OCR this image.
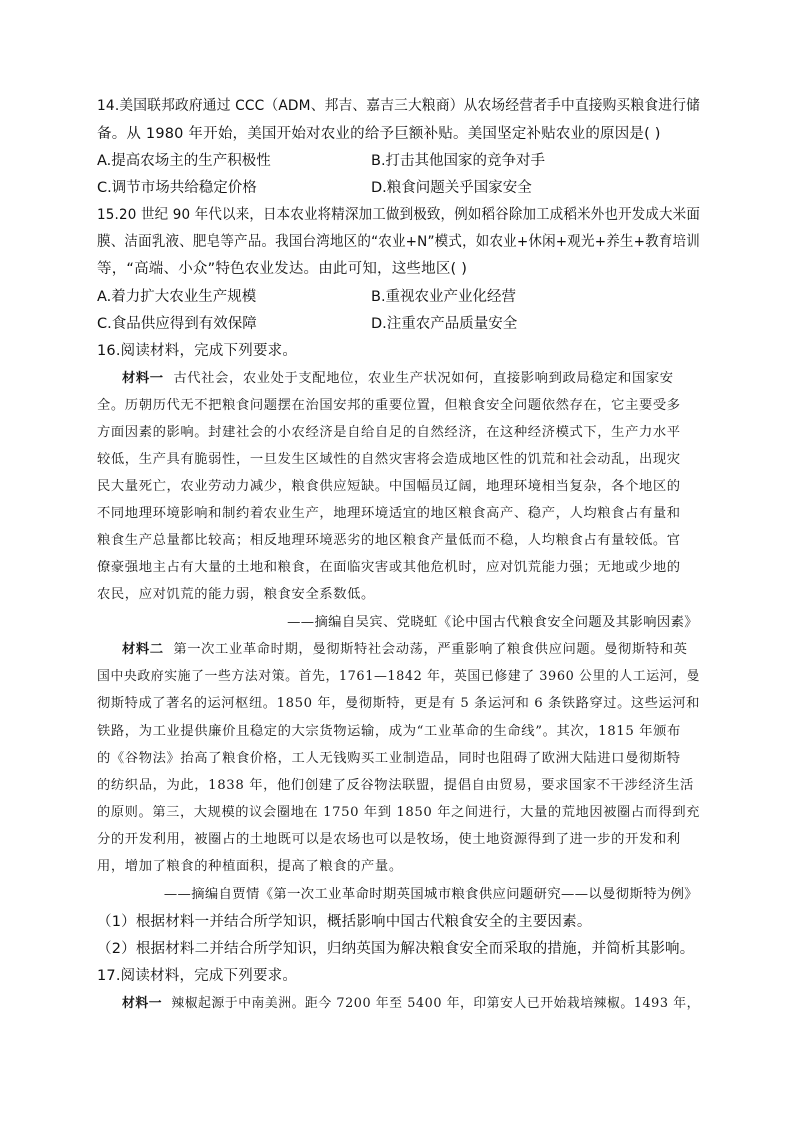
14.美国联邦政府通过 CCC（ADM、邦吉、嘉吉三大粮商）从农场经营者手中直接购买粮食进行储
备。从 1980 年开始，美国开始对农业的给予巨额补贴。美国坚定补贴农业的原因是( )
A.提高农场主的生产积极性	B.打击其他国家的竞争对手
C.调节市场共给稳定价格	D.粮食问题关乎国家安全
15.20 世纪 90 年代以来，日本农业将精深加工做到极致，例如稻谷除加工成稻米外也开发成大米面
膜、洁面乳液、肥皂等产品。我国台湾地区的“农业+N”模式，如农业+休闲+观光+养生+教育培训
等，“高端、小众”特色农业发达。由此可知，这些地区( )
A.着力扩大农业生产规模	B.重视农业产业化经营
C.食品供应得到有效保障	D.注重农产品质量安全
16.阅读材料，完成下列要求。
材料一 古代社会，农业处于支配地位，农业生产状况如何，直接影响到政局稳定和国家安
全。历朝历代无不把粮食问题摆在治国安邦的重要位置，但粮食安全问题依然存在，它主要受多
方面因素的影响。封建社会的小农经济是自给自足的自然经济，在这种经济模式下，生产力水平
较低，生产具有脆弱性，一旦发生区域性的自然灾害将会造成地区性的饥荒和社会动乱，出现灾
民大量死亡，农业劳动力减少，粮食供应短缺。中国幅员辽阔，地理环境相当复杂，各个地区的
不同地理环境影响和制约着农业生产，地理环境适宜的地区粮食高产、稳产，人均粮食占有量和
粮食生产总量都比较高；相反地理环境恶劣的地区粮食产量低而不稳，人均粮食占有量较低。官
僚豪强地主占有大量的土地和粮食，在面临灾害或其他危机时，应对饥荒能力强；无地或少地的
农民，应对饥荒的能力弱，粮食安全系数低。
——摘编自吴宾、党晓虹《论中国古代粮食安全问题及其影响因素》
材料二 第一次工业革命时期，曼彻斯特社会动荡，严重影响了粮食供应问题。曼彻斯特和英
国中央政府实施了一些方法对策。首先，1761—1842 年，英国已修建了 3960 公里的人工运河，曼
彻斯特成了著名的运河枢纽。1850 年，曼彻斯特，更是有 5 条运河和 6 条铁路穿过。这些运河和
铁路，为工业提供廉价且稳定的大宗货物运输，成为“工业革命的生命线”。其次，1815 年颁布
的《谷物法》抬高了粮食价格，工人无钱购买工业制造品，同时也阻碍了欧洲大陆进口曼彻斯特
的纺织品，为此，1838 年，他们创建了反谷物法联盟，提倡自由贸易，要求国家不干涉经济生活
的原则。第三，大规模的议会圈地在 1750 年到 1850 年之间进行，大量的荒地因被圈占而得到充
分的开发利用，被圈占的土地既可以是农场也可以是牧场，使土地资源得到了进一步的开发和利
用，增加了粮食的种植面积，提高了粮食的产量。
——摘编自贾情《第一次工业革命时期英国城市粮食供应问题研究——以曼彻斯特为例》
（1）根据材料一并结合所学知识，概括影响中国古代粮食安全的主要因素。
（2）根据材料二并结合所学知识，归纳英国为解决粮食安全而采取的措施，并简析其影响。
17.阅读材料，完成下列要求。
材料一 辣椒起源于中南美洲。距今 7200 年至 5400 年，印第安人已开始栽培辣椒。1493 年，
